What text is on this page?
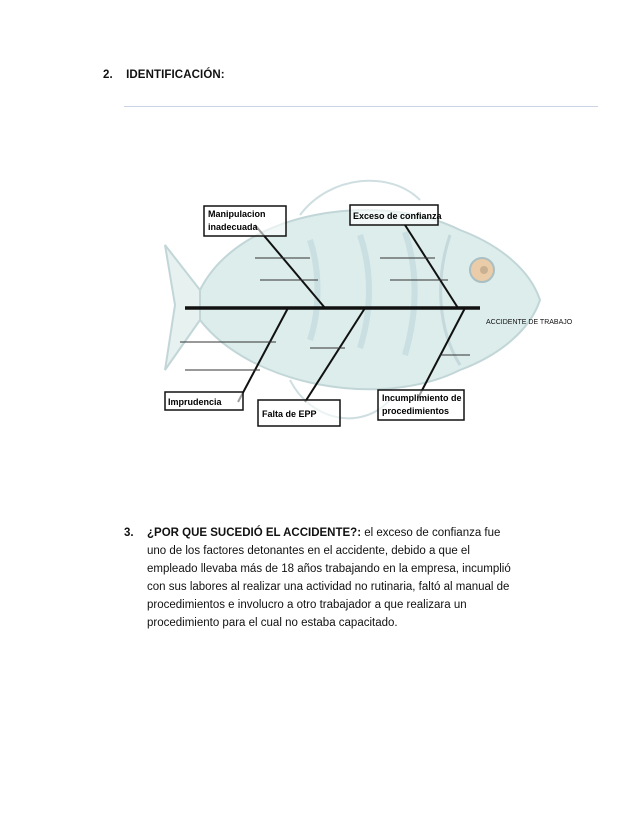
2. IDENTIFICACIÓN:
Manipulacion
inadecuada
Exceso de confianza
Imprudencia
Falta de EPP
Incumplimiento de
procedimientos
ACCIDENTE DE TRABAJO
3. ¿POR QUE SUCEDIÓ EL ACCIDENTE?: el exceso de confianza fue
uno de los factores detonantes en el accidente, debido a que el
empleado llevaba más de 18 años trabajando en la empresa, incumplió
con sus labores al realizar una actividad no rutinaria, faltó al manual de
procedimientos e involucro a otro trabajador a que realizara un
procedimiento para el cual no estaba capacitado.
